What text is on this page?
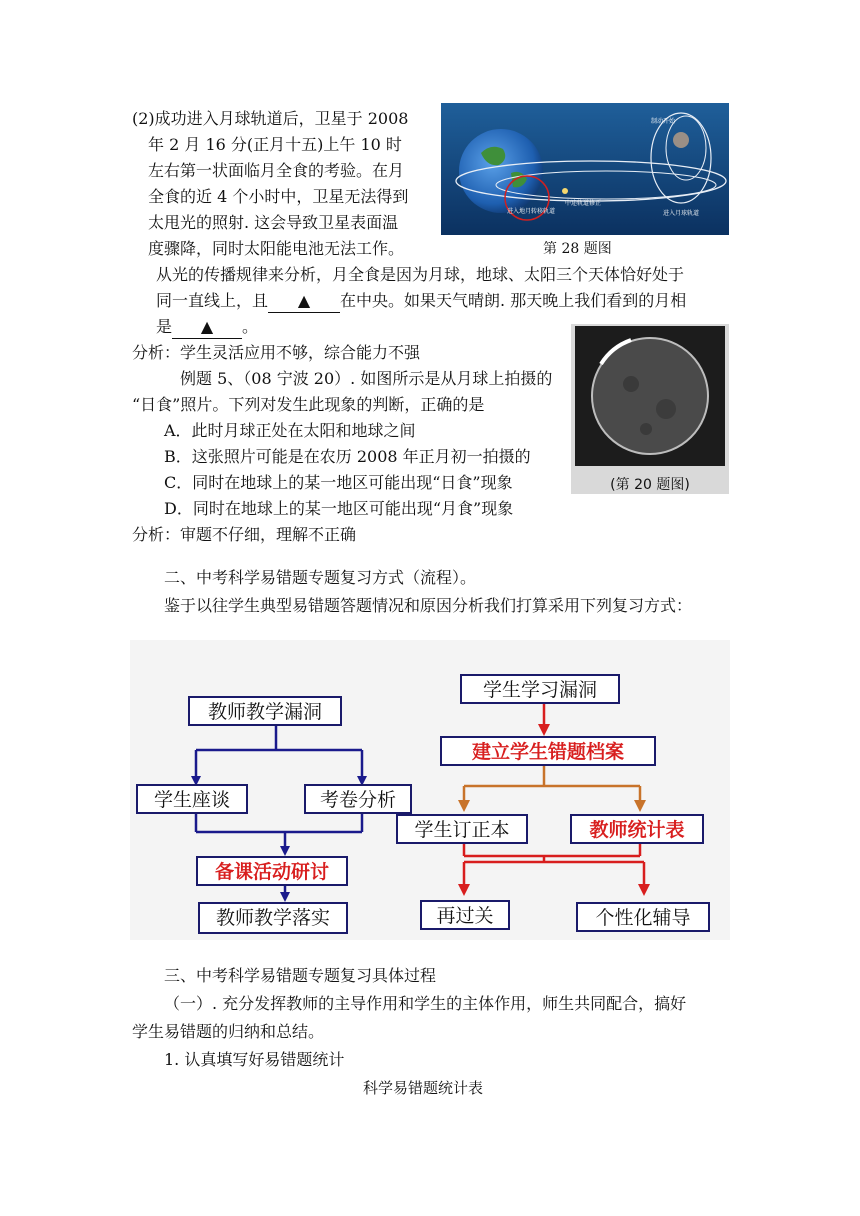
(2)成功进入月球轨道后，卫星于 2008
年 2 月 16 分(正月十五)上午 10 时
左右第一状面临月全食的考验。在月
全食的近 4 个小时中，卫星无法得到
太甩光的照射. 这会导致卫星表面温
度骤降，同时太阳能电池无法工作。
从光的传播规律来分析，月全食是因为月球，地球、太阳三个天体恰好处于
同一直线上，且 ▲ 在中央。如果天气晴朗. 那天晚上我们看到的月相
是 ▲ 。
制动开始
中途轨道修正
进入月球轨道
进入地月转移轨道
第 28 题图
分析：学生灵活应用不够，综合能力不强
例题 5、（08 宁波 20）. 如图所示是从月球上拍摄的
“日食”照片。下列对发生此现象的判断，正确的是
A．此时月球正处在太阳和地球之间
B．这张照片可能是在农历 2008 年正月初一拍摄的
C．同时在地球上的某一地区可能出现“日食”现象
D．同时在地球上的某一地区可能出现“月食”现象
(第 20 题图)
分析：审题不仔细，理解不正确
二、中考科学易错题专题复习方式（流程）。
鉴于以往学生典型易错题答题情况和原因分析我们打算采用下列复习方式：
教师教学漏洞
学生座谈	考卷分析
备课活动研讨
教师教学落实
学生学习漏洞
建立学生错题档案
学生订正本	教师统计表
再过关	个性化辅导
三、中考科学易错题专题复习具体过程
（一）. 充分发挥教师的主导作用和学生的主体作用，师生共同配合，搞好
学生易错题的归纳和总结。
1. 认真填写好易错题统计
科学易错题统计表
